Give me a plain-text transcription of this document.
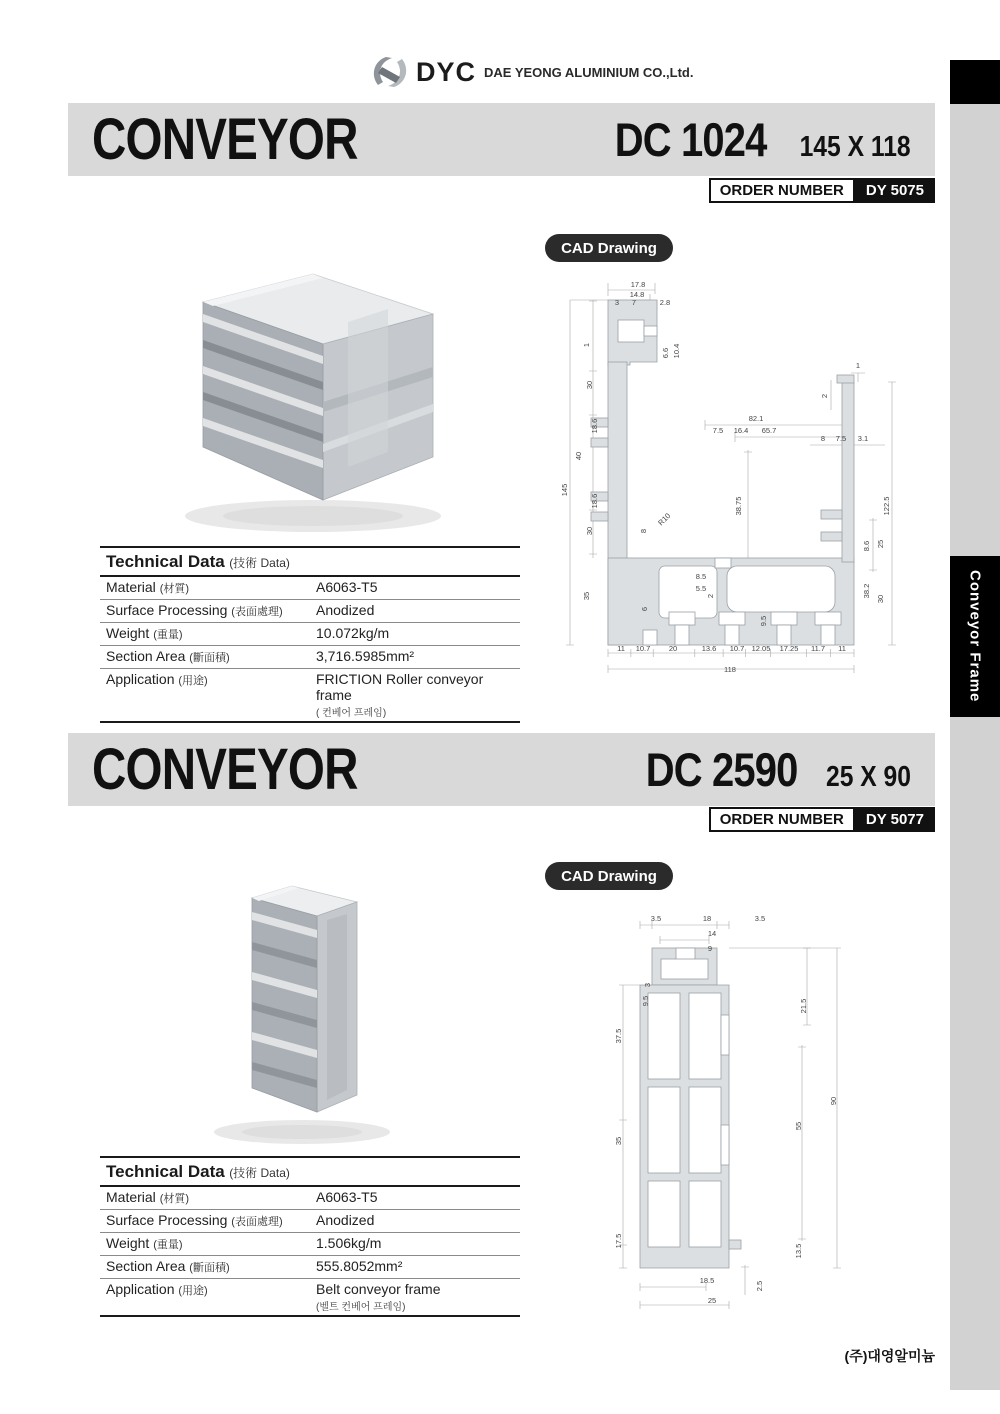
DYC DAE YEONG ALUMINIUM CO.,Ltd.
CONVEYOR	DC 1024	145 X 118
ORDER NUMBER	DY 5075
CAD Drawing
17.8
14.8
3 7	2.8
1
6.6 10.4
30
18.6
82.1
7.5 16.4 65.7
8 7.5 3.1
1
2
40
145
18.6	38.75
R10
8
30
122.5
8.6 25
8.5
5.5
2
6
38.2
30
35
9.5
11 10.7 20	13.6 10.7 12.05 17.25 11.7 11
118
Technical Data (技術 Data)
Material (材質)	A6063-T5
Surface Processing (表面處理)	Anodized
Weight (重量)	10.072kg/m
Section Area (斷面積)	3,716.5985mm²
Application (用途)	FRICTION Roller conveyor frame
( 컨베어 프레임)
CONVEYOR	DC 2590 25 X 90
ORDER NUMBER	DY 5077
CAD Drawing
3.5	18	3.5
14
9
3
9.5
37.5
21.5
35
55
90
17.5
13.5
2.5
18.5
25
Technical Data (技術 Data)
Material (材質)	A6063-T5
Surface Processing (表面處理)	Anodized
Weight (重量)	1.506kg/m
Section Area (斷面積)	555.8052mm²
Application (用途)	Belt conveyor frame
(벨트 컨베어 프레임)
Conveyor Frame
(주)대영알미늄
